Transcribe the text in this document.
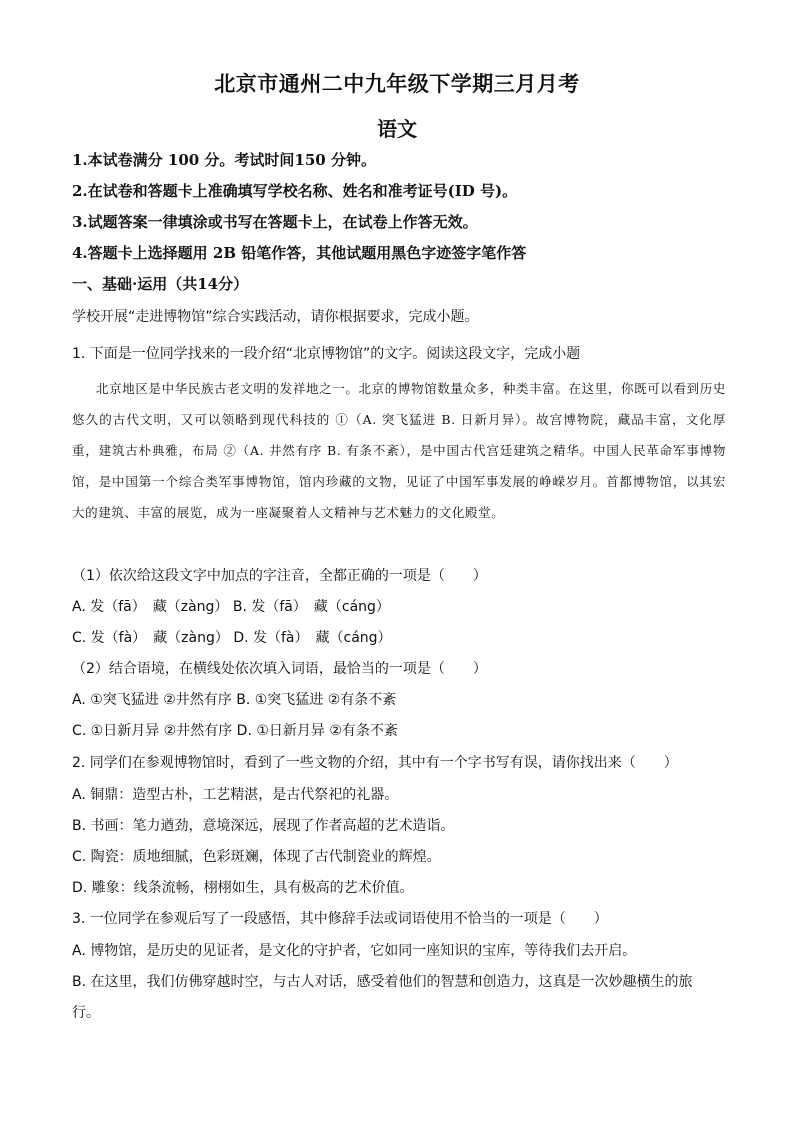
北京市通州二中九年级下学期三月月考
语文
1.本试卷满分 100 分。考试时间150 分钟。
2.在试卷和答题卡上准确填写学校名称、姓名和准考证号(ID 号)。
3.试题答案一律填涂或书写在答题卡上，在试卷上作答无效。
4.答题卡上选择题用 2B 铅笔作答，其他试题用黑色字迹签字笔作答
一、基础·运用（共14分）
学校开展“走进博物馆”综合实践活动，请你根据要求，完成小题。
1. 下面是一位同学找来的一段介绍“北京博物馆”的文字。阅读这段文字，完成小题
北京地区是中华民族古老文明的发祥地之一。北京的博物馆数量众多，种类丰富。在这里，你既可以看到历史悠久的古代文明，又可以领略到现代科技的 ①（A. 突飞猛进 B. 日新月异）。故宫博物院，藏品丰富，文化厚重，建筑古朴典雅，布局 ②（A. 井然有序 B. 有条不紊），是中国古代宫廷建筑之精华。中国人民革命军事博物馆，是中国第一个综合类军事博物馆，馆内珍藏的文物，见证了中国军事发展的峥嵘岁月。首都博物馆，以其宏大的建筑、丰富的展览，成为一座凝聚着人文精神与艺术魅力的文化殿堂。
（1）依次给这段文字中加点的字注音，全都正确的一项是（　　）
A. 发（fā）　藏（zàng） B. 发（fā）　藏（cáng）
C. 发（fà）　藏（zàng） D. 发（fà）　藏（cáng）
（2）结合语境，在横线处依次填入词语，最恰当的一项是（　　）
A. ①突飞猛进 ②井然有序 B. ①突飞猛进 ②有条不紊
C. ①日新月异 ②井然有序 D. ①日新月异 ②有条不紊
2. 同学们在参观博物馆时，看到了一些文物的介绍，其中有一个字书写有误，请你找出来（　　）
A. 铜鼎：造型古朴，工艺精湛，是古代祭祀的礼器。
B. 书画：笔力遒劲，意境深远，展现了作者高超的艺术造诣。
C. 陶瓷：质地细腻，色彩斑斓，体现了古代制瓷业的辉煌。
D. 雕象：线条流畅，栩栩如生，具有极高的艺术价值。
3. 一位同学在参观后写了一段感悟，其中修辞手法或词语使用不恰当的一项是（　　）
A. 博物馆，是历史的见证者，是文化的守护者，它如同一座知识的宝库，等待我们去开启。
B. 在这里，我们仿佛穿越时空，与古人对话，感受着他们的智慧和创造力，这真是一次妙趣横生的旅
行。
